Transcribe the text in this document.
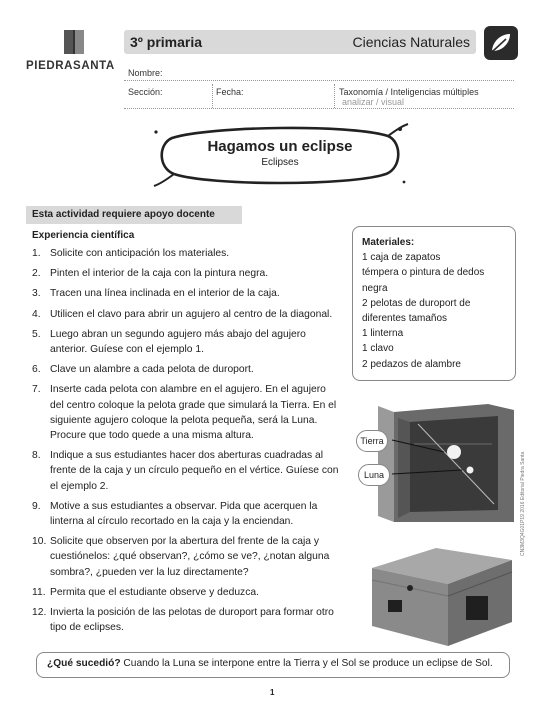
PIEDRASANTA
3º primaria	Ciencias Naturales
Nombre:
Sección:	Fecha:	Taxonomía / Inteligencias múltiples
analizar / visual
Hagamos un eclipse
Eclipses
Esta actividad requiere apoyo docente
Experiencia científica
1. Solicite con anticipación los materiales.
2. Pinten el interior de la caja con la pintura negra.
3. Tracen una línea inclinada en el interior de la caja.
4. Utilicen el clavo para abrir un agujero al centro de la diagonal.
5. Luego abran un segundo agujero más abajo del agujero anterior. Guíese con el ejemplo 1.
6. Clave un alambre a cada pelota de duroport.
7. Inserte cada pelota con alambre en el agujero. En el agujero del centro coloque la pelota grade que simulará la Tierra. En el siguiente agujero coloque la pelota pequeña, será la Luna. Procure que todo quede a una misma altura.
8. Indique a sus estudiantes hacer dos aberturas cuadradas al frente de la caja y un círculo pequeño en el vértice. Guíese con el ejemplo 2.
9. Motive a sus estudiantes a observar. Pida que acerquen la linterna al círculo recortado en la caja y la enciendan.
10. Solicite que observen por la abertura del frente de la caja y cuestiónelos: ¿qué observan?, ¿cómo se ve?, ¿notan alguna sombra?, ¿pueden ver la luz directamente?
11. Permita que el estudiante observe y deduzca.
12. Invierta la posición de las pelotas de duroport para formar otro tipo de eclipses.
Materiales:
1 caja de zapatos
témpera o pintura de dedos negra
2 pelotas de duroport de diferentes tamaños
1 linterna
1 clavo
2 pedazos de alambre
Tierra
Luna	CN3M3Q4G01P19 2016 Editorial Piedra Santa
¿Qué sucedió? Cuando la Luna se interpone entre la Tierra y el Sol se produce un eclipse de Sol.
1
